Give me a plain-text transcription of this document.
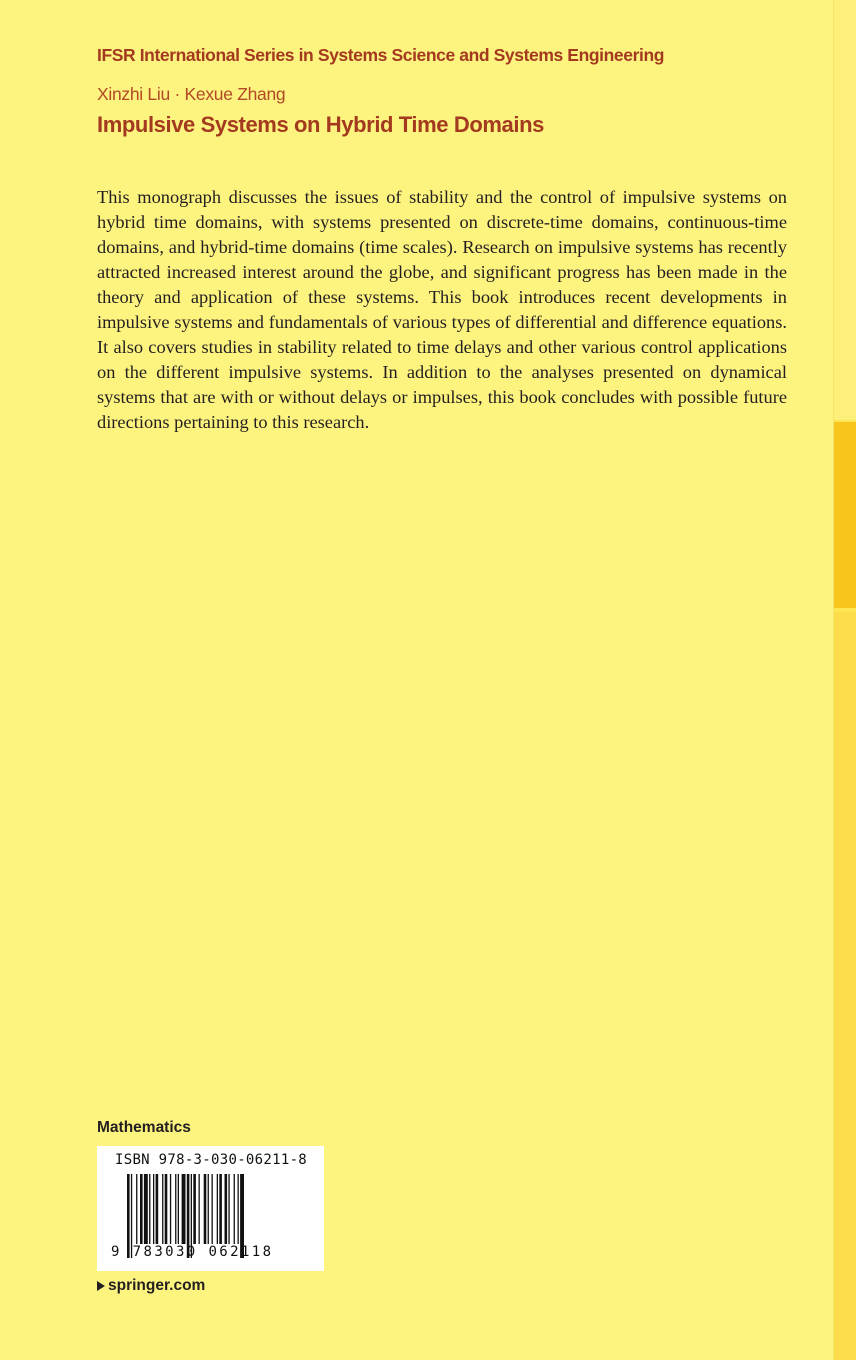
IFSR International Series in Systems Science and Systems Engineering
Xinzhi Liu · Kexue Zhang
Impulsive Systems on Hybrid Time Domains

This monograph discusses the issues of stability and the control of impulsive systems on hybrid time domains, with systems presented on discrete-time domains, continuous-time domains, and hybrid-time domains (time scales). Research on impulsive systems has recently attracted increased interest around the globe, and significant progress has been made in the theory and application of these systems. This book introduces recent developments in impulsive systems and fundamentals of various types of differential and difference equations. It also covers studies in stability related to time delays and other various control applications on the different impulsive systems. In addition to the analyses presented on dynamical systems that are with or without delays or impulses, this book concludes with possible future directions pertaining to this research.

Mathematics
ISBN 978-3-030-06211-8
9 783030 062118
springer.com
